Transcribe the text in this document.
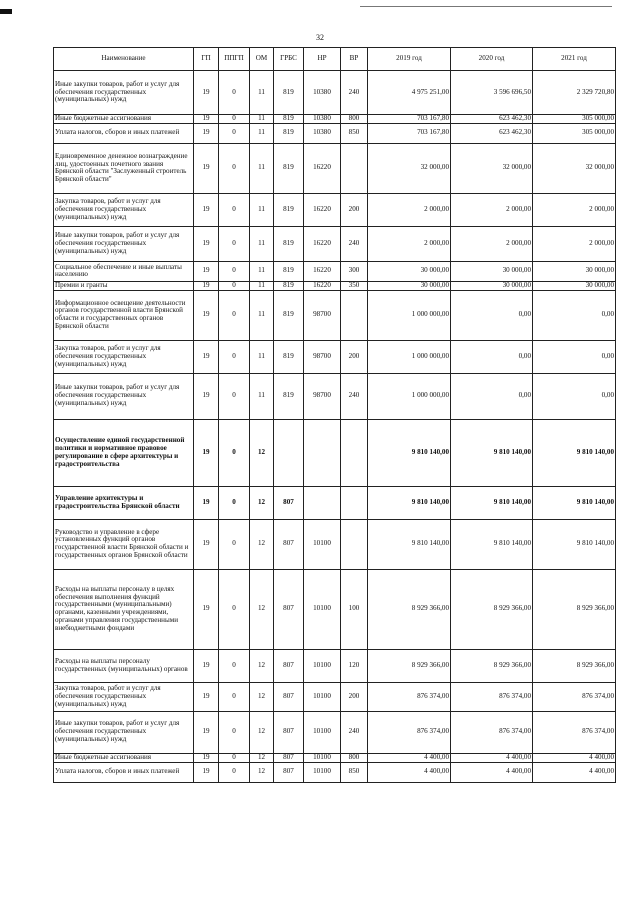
32
Наименование	ГП	ППГП	ОМ	ГРБС	НР	ВР	2019 год	2020 год	2021 год
Иные закупки товаров, работ и услуг для обеспечения государственных (муниципальных) нужд	19	0	11	819	10380	240	4 975 251,00	3 596 696,50	2 329 720,80
Иные бюджетные ассигнования	19	0	11	819	10380	800	703 167,80	623 462,30	305 000,00
Уплата налогов, сборов и иных платежей	19	0	11	819	10380	850	703 167,80	623 462,30	305 000,00
Единовременное денежное вознаграждение лиц, удостоенных почетного звания Брянской области "Заслуженный строитель Брянской области"	19	0	11	819	16220		32 000,00	32 000,00	32 000,00
Закупка товаров, работ и услуг для обеспечения государственных (муниципальных) нужд	19	0	11	819	16220	200	2 000,00	2 000,00	2 000,00
Иные закупки товаров, работ и услуг для обеспечения государственных (муниципальных) нужд	19	0	11	819	16220	240	2 000,00	2 000,00	2 000,00
Социальное обеспечение и иные выплаты населению	19	0	11	819	16220	300	30 000,00	30 000,00	30 000,00
Премии и гранты	19	0	11	819	16220	350	30 000,00	30 000,00	30 000,00
Информационное освещение деятельности органов государственной власти Брянской области и государственных органов Брянской области	19	0	11	819	98700		1 000 000,00	0,00	0,00
Закупка товаров, работ и услуг для обеспечения государственных (муниципальных) нужд	19	0	11	819	98700	200	1 000 000,00	0,00	0,00
Иные закупки товаров, работ и услуг для обеспечения государственных (муниципальных) нужд	19	0	11	819	98700	240	1 000 000,00	0,00	0,00
Осуществление единой государственной политики и нормативное правовое регулирование в сфере архитектуры и градостроительства	19	0	12				9 810 140,00	9 810 140,00	9 810 140,00
Управление архитектуры и градостроительства Брянской области	19	0	12	807			9 810 140,00	9 810 140,00	9 810 140,00
Руководство и управление в сфере установленных функций органов государственной власти Брянской области и государственных органов Брянской области	19	0	12	807	10100		9 810 140,00	9 810 140,00	9 810 140,00
Расходы на выплаты персоналу в целях обеспечения выполнения функций государственными (муниципальными) органами, казенными учреждениями, органами управления государственными внебюджетными фондами	19	0	12	807	10100	100	8 929 366,00	8 929 366,00	8 929 366,00
Расходы на выплаты персоналу государственных (муниципальных) органов	19	0	12	807	10100	120	8 929 366,00	8 929 366,00	8 929 366,00
Закупка товаров, работ и услуг для обеспечения государственных (муниципальных) нужд	19	0	12	807	10100	200	876 374,00	876 374,00	876 374,00
Иные закупки товаров, работ и услуг для обеспечения государственных (муниципальных) нужд	19	0	12	807	10100	240	876 374,00	876 374,00	876 374,00
Иные бюджетные ассигнования	19	0	12	807	10100	800	4 400,00	4 400,00	4 400,00
Уплата налогов, сборов и иных платежей	19	0	12	807	10100	850	4 400,00	4 400,00	4 400,00
